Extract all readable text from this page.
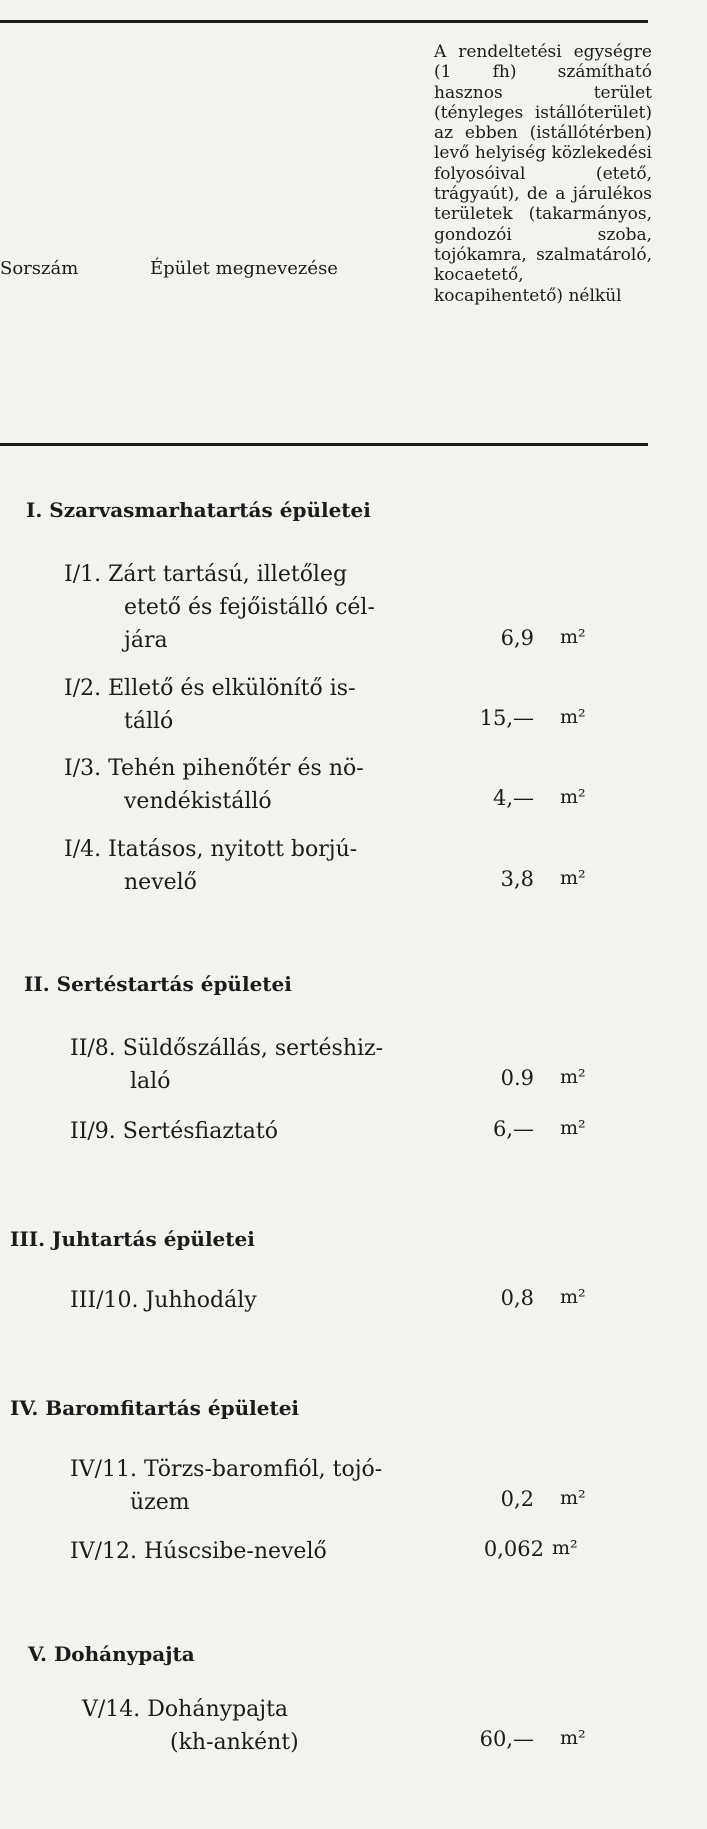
Sorszám	Épület megnevezése
A rendeltetési egységre (1 fh) számítható hasznos terület (tényleges istállóterület) az ebben (istállótérben) levő helyiség közlekedési folyosóival (etető, trágyaút), de a járulékos területek (takarmányos, gondozói szoba, tojókamra, szalmatároló, kocaetető, kocapihentető) nélkül
I. Szarvasmarhatartás épületei
I/1. Zárt tartású, illetőleg
etető és fejőistálló cél-
jára	6,9 m²
I/2. Ellető és elkülönítő is-
tálló	15,— m²
I/3. Tehén pihenőtér és nö-
vendékistálló	4,— m²
I/4. Itatásos, nyitott borjú-
nevelő	3,8 m²
II. Sertéstartás épületei
II/8. Süldőszállás, sertéshiz-
laló	0.9 m²
II/9. Sertésfiaztató	6,— m²
III. Juhtartás épületei
III/10. Juhhodály	0,8 m²
IV. Baromfitartás épületei
IV/11. Törzs-baromfiól, tojó-
üzem	0,2 m²
IV/12. Húscsibe-nevelő	0,062 m²
V. Dohánypajta
V/14. Dohánypajta
(kh-anként)	60,— m²
